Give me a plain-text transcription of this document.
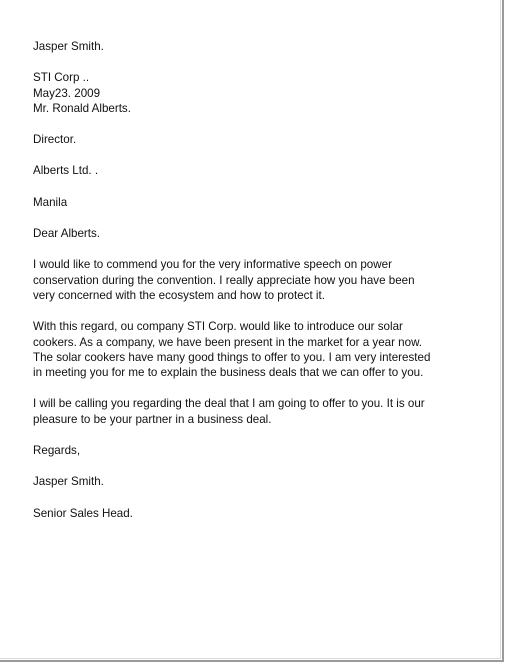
Jasper Smith.
STI Corp ..
May23. 2009
Mr. Ronald Alberts.
Director.
Alberts Ltd. .
Manila
Dear Alberts.
I would like to commend you for the very informative speech on power
conservation during the convention. I really appreciate how you have been
very concerned with the ecosystem and how to protect it.
With this regard, ou company STI Corp. would like to introduce our solar
cookers. As a company, we have been present in the market for a year now.
The solar cookers have many good things to offer to you. I am very interested
in meeting you for me to explain the business deals that we can offer to you.
I will be calling you regarding the deal that I am going to offer to you. It is our
pleasure to be your partner in a business deal.
Regards,
Jasper Smith.
Senior Sales Head.
